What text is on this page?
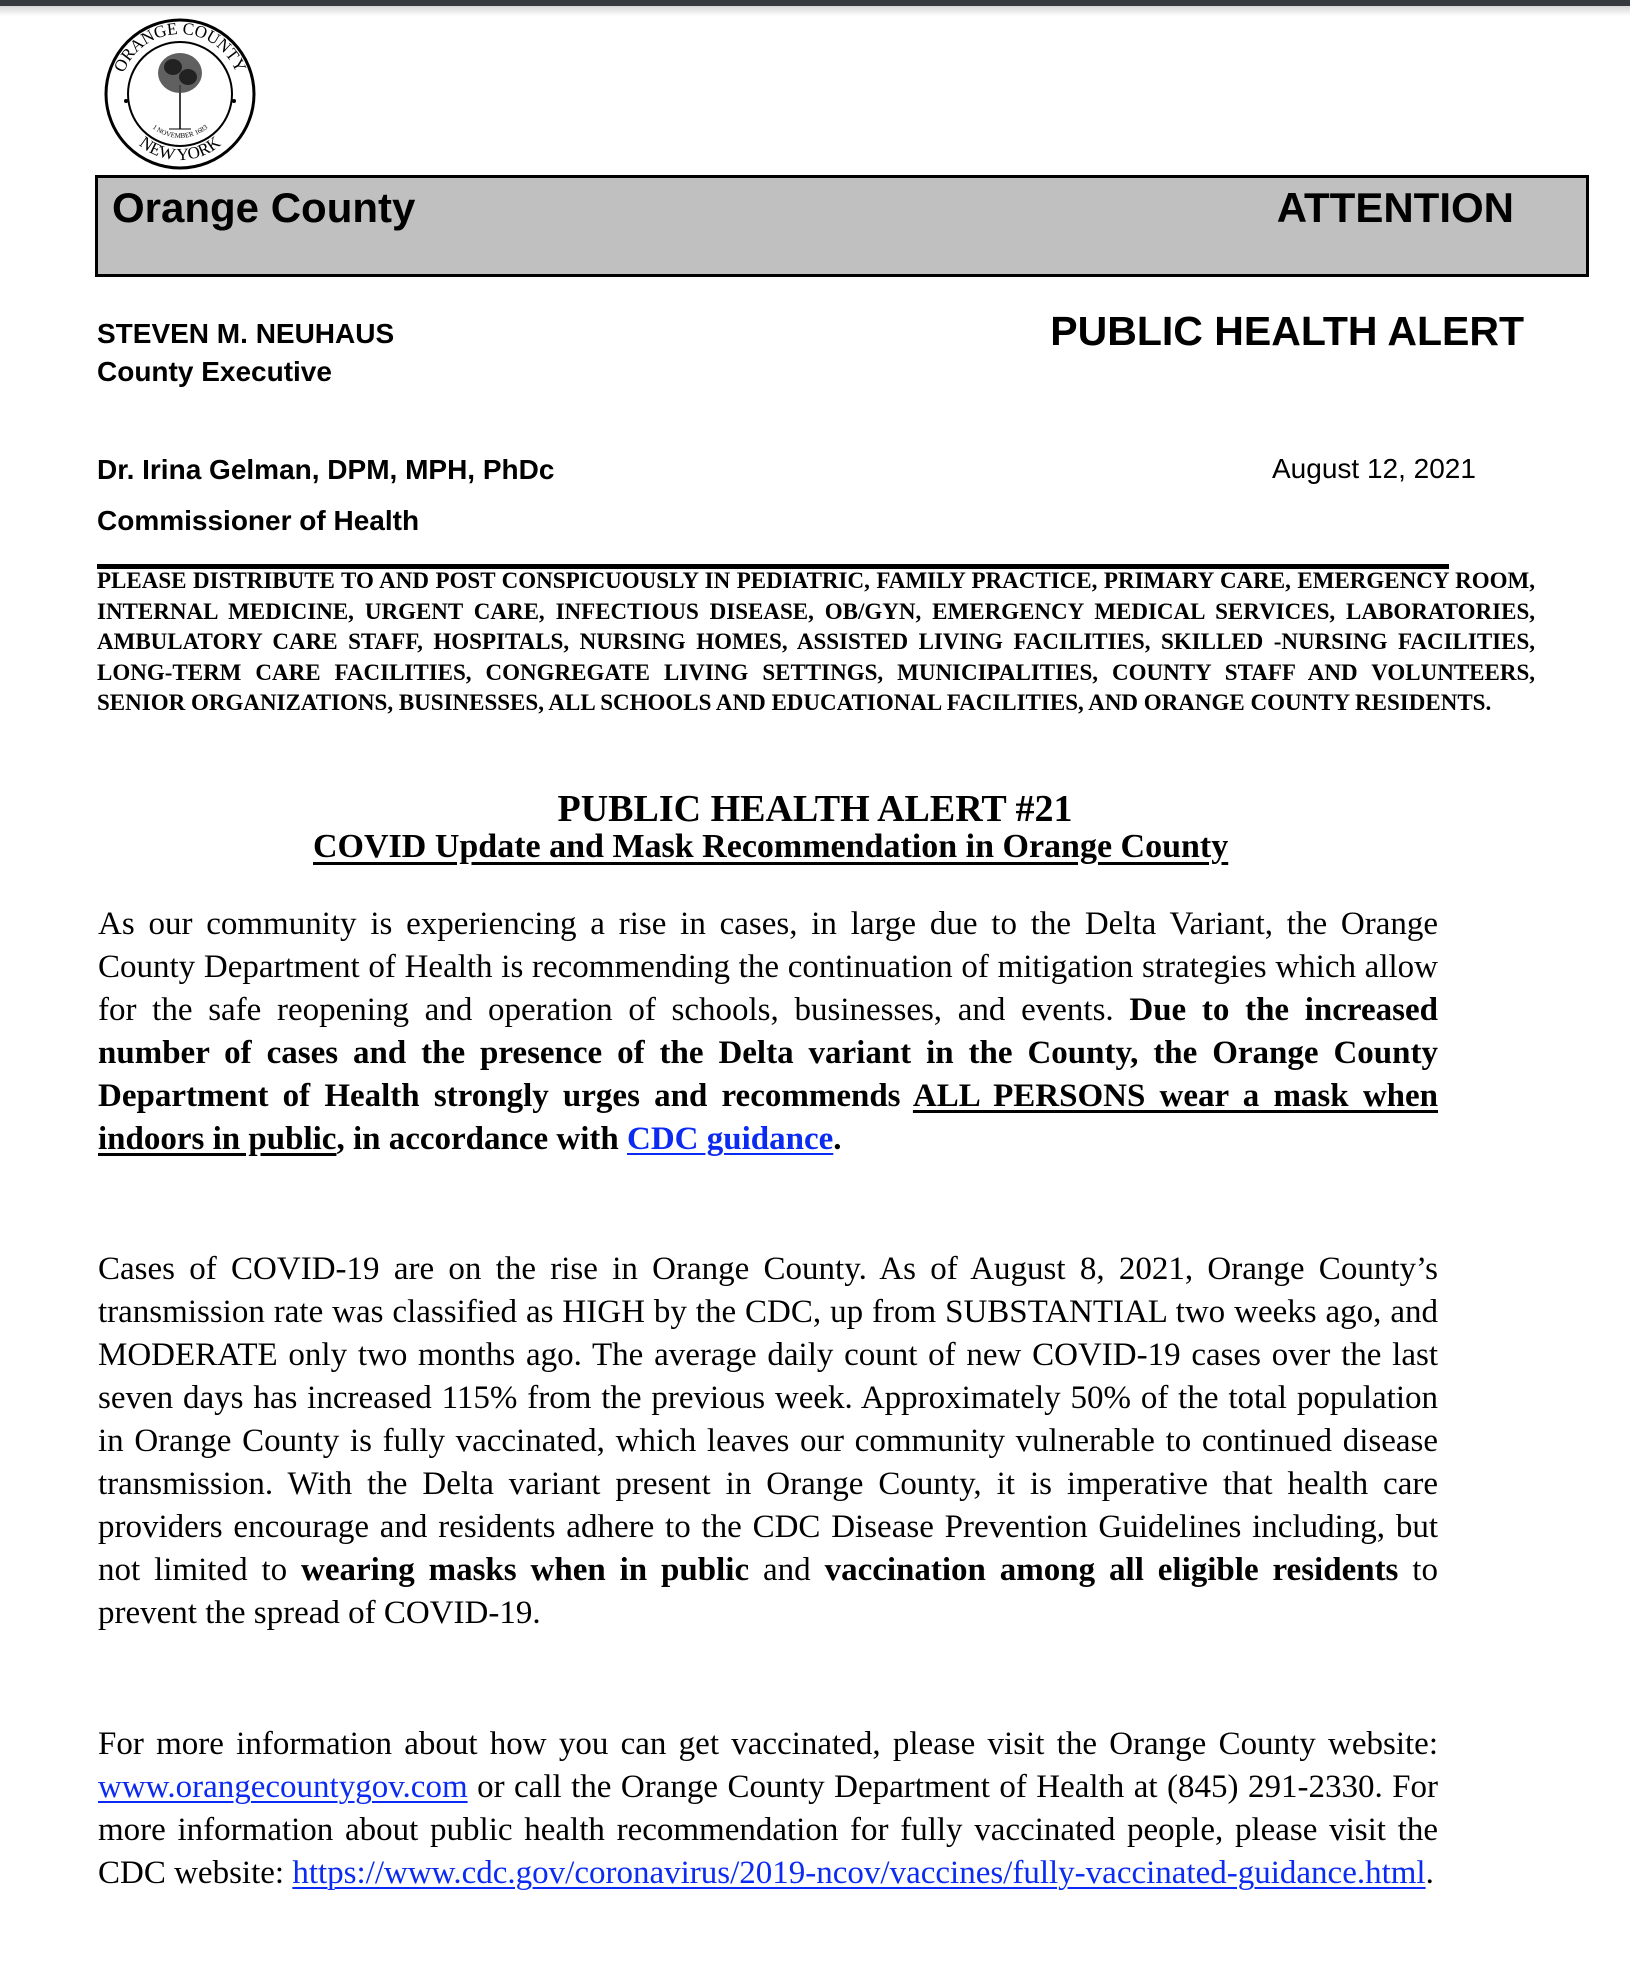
ORANGE COUNTY
NEW YORK
1 NOVEMBER 1683
Orange County	ATTENTION
PUBLIC HEALTH ALERT
STEVEN M. NEUHAUS
County Executive
Dr. Irina Gelman, DPM, MPH, PhDc
Commissioner of Health
August 12, 2021
PLEASE DISTRIBUTE TO AND POST CONSPICUOUSLY IN PEDIATRIC, FAMILY PRACTICE, PRIMARY CARE, EMERGENCY ROOM, INTERNAL MEDICINE, URGENT CARE, INFECTIOUS DISEASE, OB/GYN, EMERGENCY MEDICAL SERVICES, LABORATORIES, AMBULATORY CARE STAFF, HOSPITALS, NURSING HOMES, ASSISTED LIVING FACILITIES, SKILLED -NURSING FACILITIES, LONG-TERM CARE FACILITIES, CONGREGATE LIVING SETTINGS, MUNICIPALITIES, COUNTY STAFF AND VOLUNTEERS, SENIOR ORGANIZATIONS, BUSINESSES, ALL SCHOOLS AND EDUCATIONAL FACILITIES, AND ORANGE COUNTY RESIDENTS.
PUBLIC HEALTH ALERT #21
COVID Update and Mask Recommendation in Orange County
As our community is experiencing a rise in cases, in large due to the Delta Variant, the Orange County Department of Health is recommending the continuation of mitigation strategies which allow for the safe reopening and operation of schools, businesses, and events. Due to the increased number of cases and the presence of the Delta variant in the County, the Orange County Department of Health strongly urges and recommends ALL PERSONS wear a mask when indoors in public, in accordance with CDC guidance.
Cases of COVID-19 are on the rise in Orange County. As of August 8, 2021, Orange County’s transmission rate was classified as HIGH by the CDC, up from SUBSTANTIAL two weeks ago, and MODERATE only two months ago. The average daily count of new COVID-19 cases over the last seven days has increased 115% from the previous week. Approximately 50% of the total population in Orange County is fully vaccinated, which leaves our community vulnerable to continued disease transmission. With the Delta variant present in Orange County, it is imperative that health care providers encourage and residents adhere to the CDC Disease Prevention Guidelines including, but not limited to wearing masks when in public and vaccination among all eligible residents to prevent the spread of COVID-19.
For more information about how you can get vaccinated, please visit the Orange County website: www.orangecountygov.com or call the Orange County Department of Health at (845) 291-2330. For more information about public health recommendation for fully vaccinated people, please visit the CDC website: https://www.cdc.gov/coronavirus/2019-ncov/vaccines/fully-vaccinated-guidance.html.
